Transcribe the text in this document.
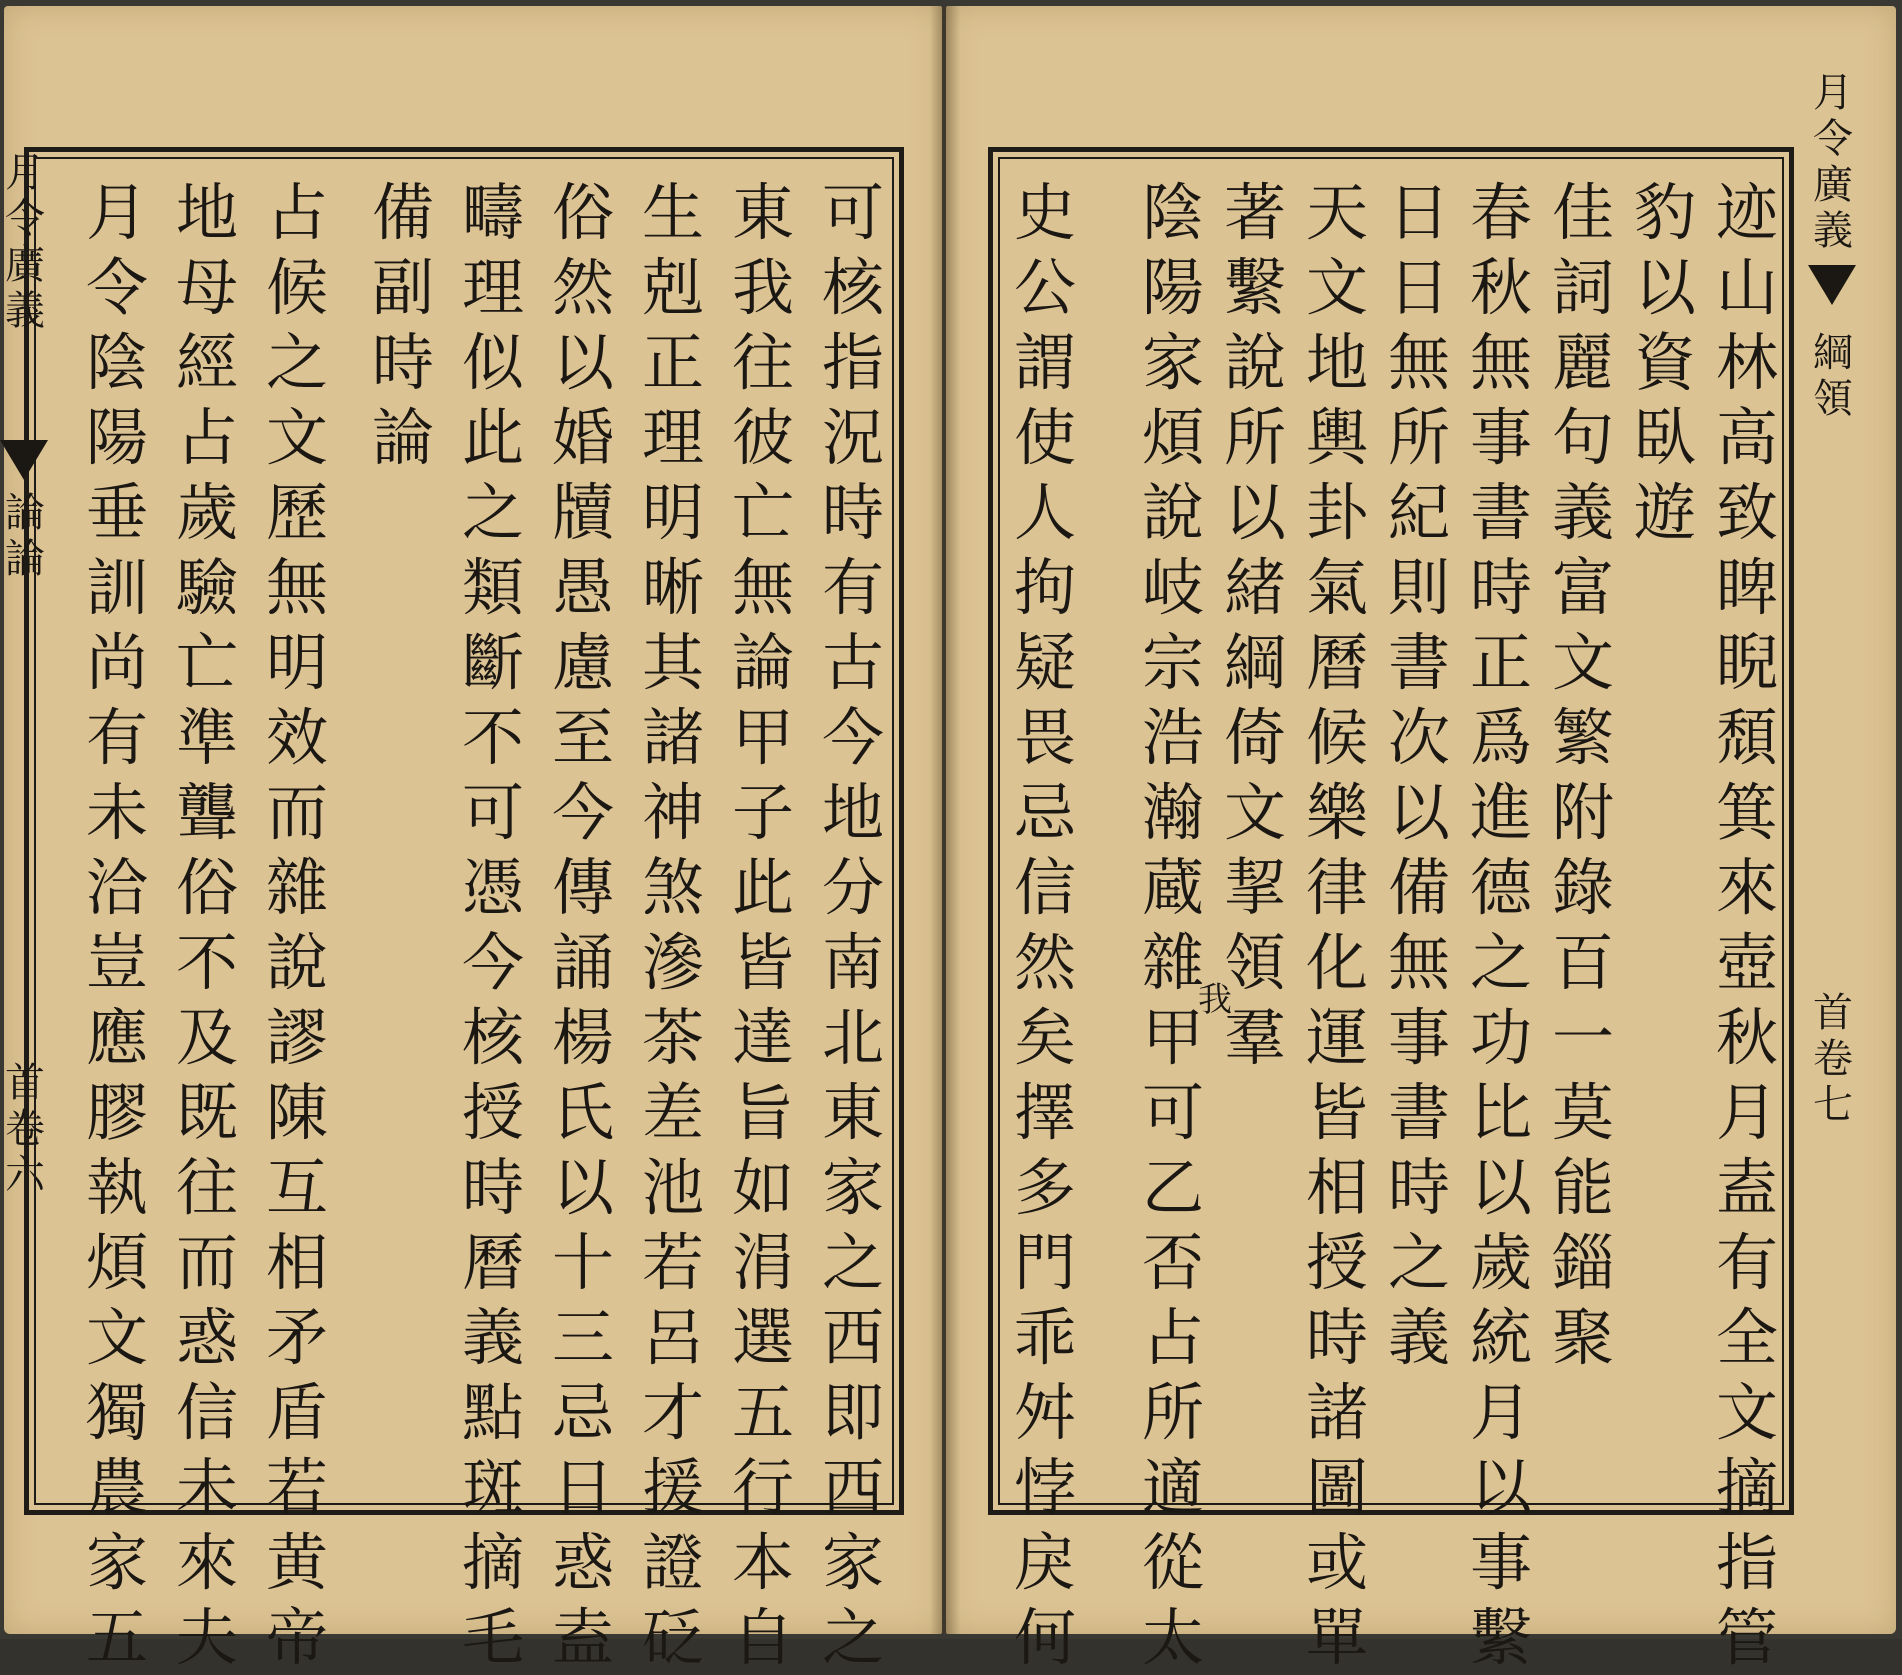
月令廣義
綱領
首卷七
月令廣義
論論
首卷六
迹山林高致睥睨頹箕來壺秋月盍有全文摘指管
豹以資臥遊
佳詞麗句義富文繁附錄百一莫能錙聚
春秋無事書時正爲進德之功比以歲統月以事繫
日日無所紀則書次以備無事書時之義
天文地輿卦氣曆候樂律化運皆相授時諸圖或單
著繫說所以緒綱倚文挈領羣
我
陰陽家煩說岐宗浩瀚蔵雜甲可乙否占所適從太
史公謂使人拘疑畏忌信然矣擇多門乖舛悖戾何
可核指況時有古今地分南北東家之西即西家之
東我往彼亡無論甲子此皆達旨如涓選五行本自
生剋正理明晰其諸神煞滲茶差池若呂才援證砭
俗然以婚牘愚慮至今傳誦楊氏以十三忌日惑盍
疇理似此之類斷不可憑今核授時曆義點斑摘毛
備副時論
占候之文歷無明效而雜說謬陳互相矛盾若黄帝
地母經占歲驗亡準聾俗不及既往而惑信未來夫
月令陰陽垂訓尚有未洽豈應膠執煩文獨農家五
